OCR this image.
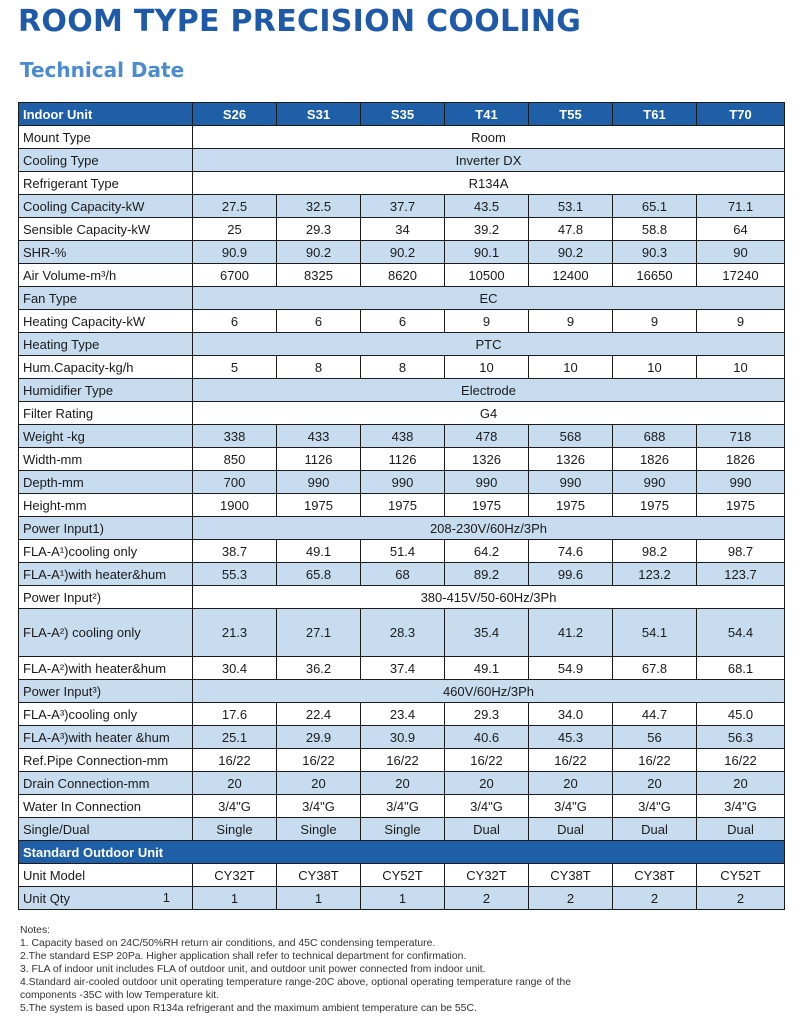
ROOM TYPE PRECISION COOLING
Technical Date
Indoor Unit	S26	S31	S35	T41	T55	T61	T70
Mount Type	Room						
Cooling Type	Inverter DX						
Refrigerant Type	R134A						
Cooling Capacity-kW	27.5	32.5	37.7	43.5	53.1	65.1	71.1
Sensible Capacity-kW	25	29.3	34	39.2	47.8	58.8	64
SHR-%	90.9	90.2	90.2	90.1	90.2	90.3	90
Air Volume-m³/h	6700	8325	8620	10500	12400	16650	17240
Fan Type	EC						
Heating Capacity-kW	6	6	6	9	9	9	9
Heating Type	PTC						
Hum.Capacity-kg/h	5	8	8	10	10	10	10
Humidifier Type	Electrode						
Filter Rating	G4						
Weight -kg	338	433	438	478	568	688	718
Width-mm	850	1126	1126	1326	1326	1826	1826
Depth-mm	700	990	990	990	990	990	990
Height-mm	1900	1975	1975	1975	1975	1975	1975
Power Input1)	208-230V/60Hz/3Ph						
FLA-A¹)cooling only	38.7	49.1	51.4	64.2	74.6	98.2	98.7
FLA-A¹)with heater&hum	55.3	65.8	68	89.2	99.6	123.2	123.7
Power Input²)	380-415V/50-60Hz/3Ph						
FLA-A²) cooling only	21.3	27.1	28.3	35.4	41.2	54.1	54.4
FLA-A²)with heater&hum	30.4	36.2	37.4	49.1	54.9	67.8	68.1
Power Input³)	460V/60Hz/3Ph						
FLA-A³)cooling only	17.6	22.4	23.4	29.3	34.0	44.7	45.0
FLA-A³)with heater &hum	25.1	29.9	30.9	40.6	45.3	56	56.3
Ref.Pipe Connection-mm	16/22	16/22	16/22	16/22	16/22	16/22	16/22
Drain Connection-mm	20	20	20	20	20	20	20
Water In Connection	3/4"G	3/4"G	3/4"G	3/4"G	3/4"G	3/4"G	3/4"G
Single/Dual	Single	Single	Single	Dual	Dual	Dual	Dual
Standard Outdoor Unit							
Unit Model	CY32T	CY38T	CY52T	CY32T	CY38T	CY38T	CY52T
Unit Qty 1	1	1	1	2	2	2	2
Notes:
1. Capacity based on 24C/50%RH return air conditions, and 45C condensing temperature.
2.The standard ESP 20Pa. Higher application shall refer to technical department for confirmation.
3. FLA of indoor unit includes FLA of outdoor unit, and outdoor unit power connected from indoor unit.
4.Standard air-cooled outdoor unit operating temperature range-20C above, optional operating temperature range of the
components -35C with low Temperature kit.
5.The system is based upon R134a refrigerant and the maximum ambient temperature can be 55C.
